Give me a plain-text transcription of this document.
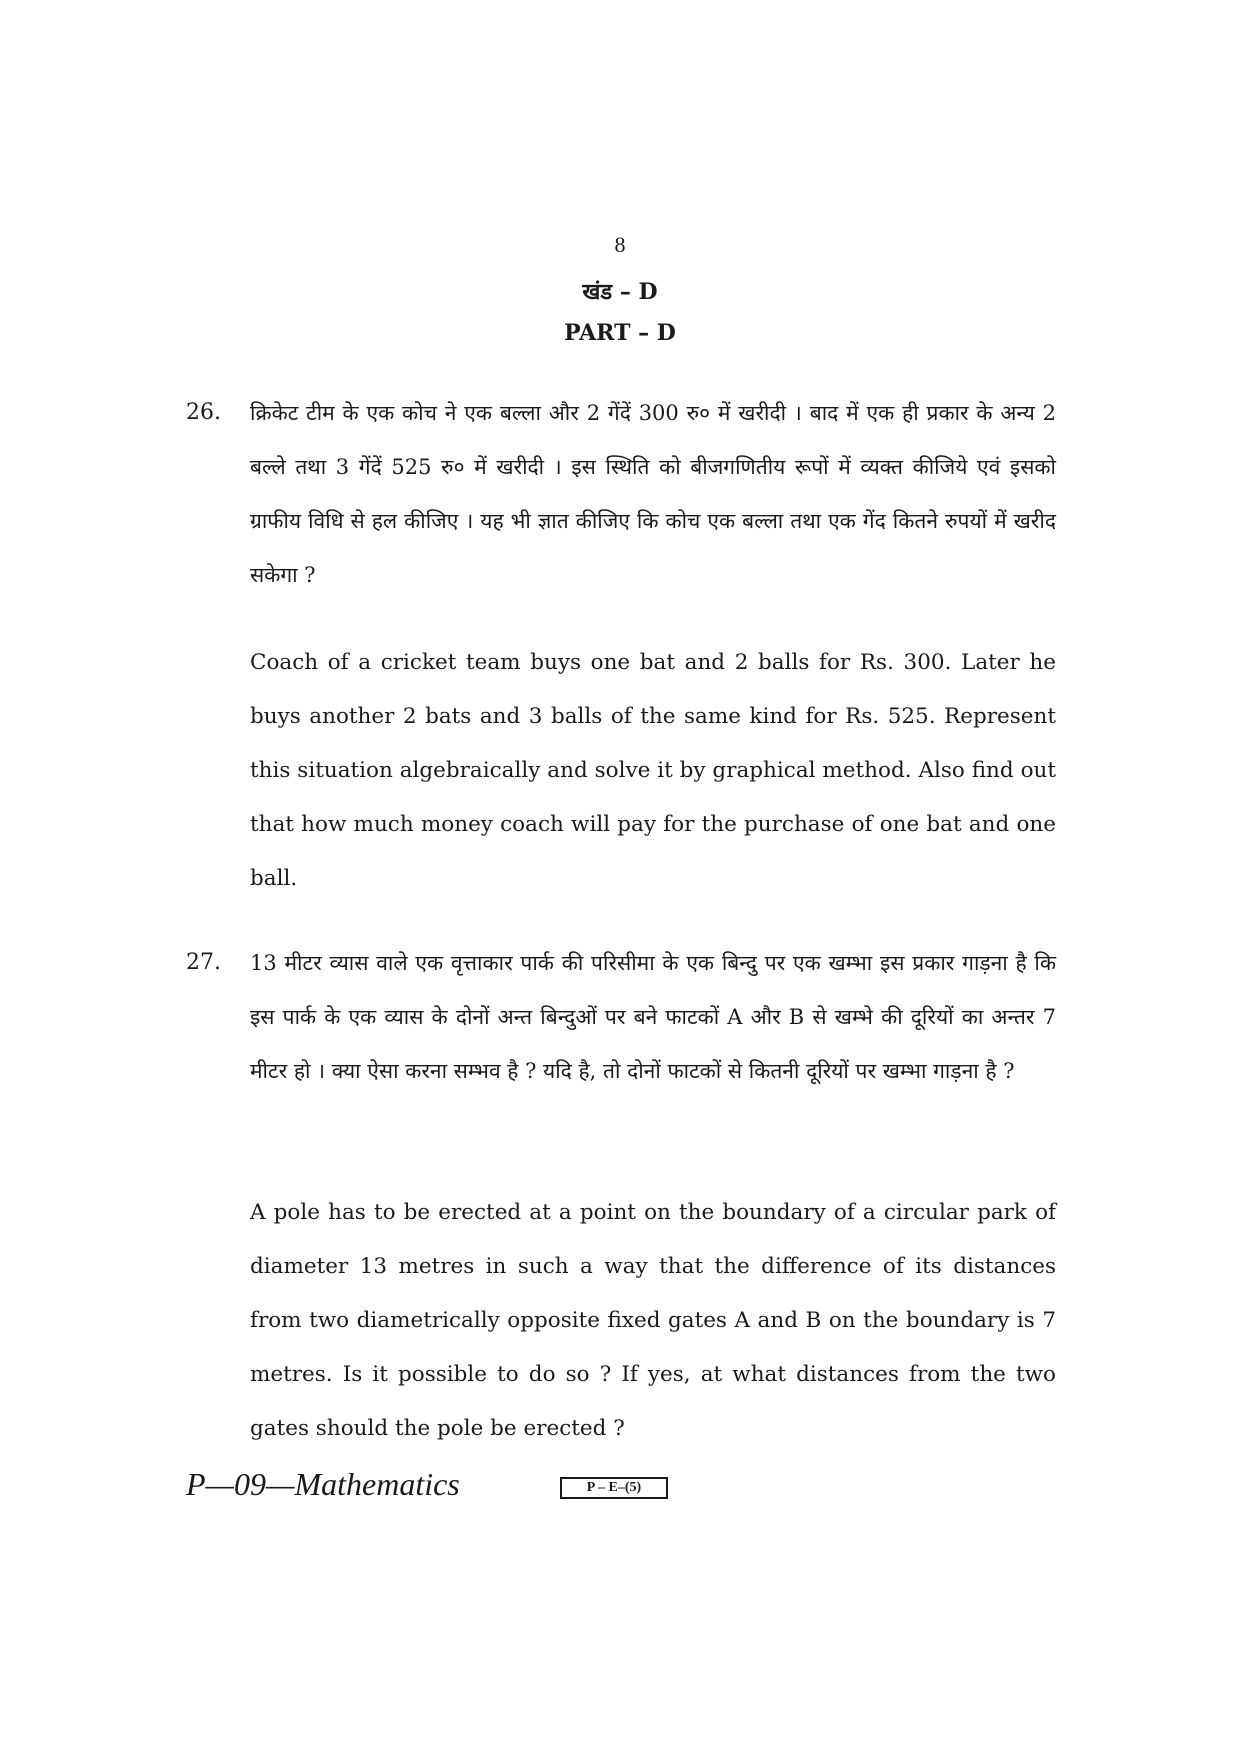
8
खंड – D
PART – D
26. क्रिकेट टीम के एक कोच ने एक बल्ला और 2 गेंदें 300 रु० में खरीदी । बाद में एक ही प्रकार के अन्य 2 बल्ले तथा 3 गेंदें 525 रु० में खरीदी । इस स्थिति को बीजगणितीय रूपों में व्यक्त कीजिये एवं इसको ग्राफीय विधि से हल कीजिए । यह भी ज्ञात कीजिए कि कोच एक बल्ला तथा एक गेंद कितने रुपयों में खरीद सकेगा ?

Coach of a cricket team buys one bat and 2 balls for Rs. 300. Later he buys another 2 bats and 3 balls of the same kind for Rs. 525. Represent this situation algebraically and solve it by graphical method. Also find out that how much money coach will pay for the purchase of one bat and one ball.

27. 13 मीटर व्यास वाले एक वृत्ताकार पार्क की परिसीमा के एक बिन्दु पर एक खम्भा इस प्रकार गाड़ना है कि इस पार्क के एक व्यास के दोनों अन्त बिन्दुओं पर बने फाटकों A और B से खम्भे की दूरियों का अन्तर 7 मीटर हो । क्या ऐसा करना सम्भव है ? यदि है, तो दोनों फाटकों से कितनी दूरियों पर खम्भा गाड़ना है ?

A pole has to be erected at a point on the boundary of a circular park of diameter 13 metres in such a way that the difference of its distances from two diametrically opposite fixed gates A and B on the boundary is 7 metres. Is it possible to do so ? If yes, at what distances from the two gates should the pole be erected ?

P—09—Mathematics	P – E–(5)
